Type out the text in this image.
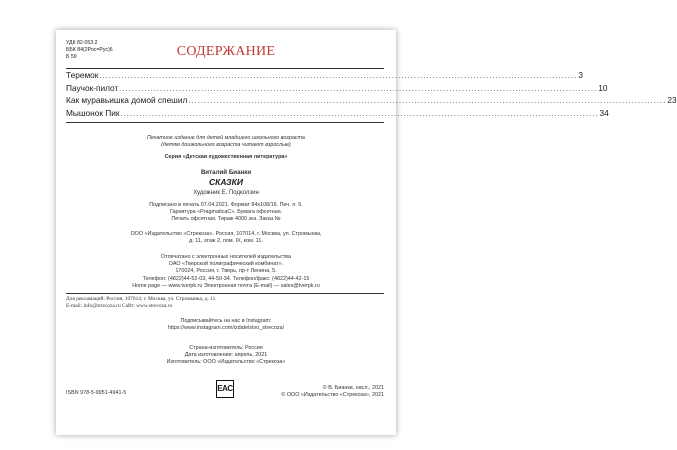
УДК 82-053.2
ББК 84(2Рос=Рус)6
Б 59	СОДЕРЖАНИЕ
Теремок ........................................................................................................................................................ 3
Паучок-пилот ........................................................................................................................................................ 10
Как муравьишка домой спешил ........................................................................................................................................................ 23
Мышонок Пик ........................................................................................................................................................ 34
Печатное издание для детей младшего школьного возраста
(детям дошкольного возраста читают взрослые)
Серия «Детская художественная литература»
Виталий Бианки
СКАЗКИ
Художник Е. Подколзин
Подписано в печать 07.04.2021. Формат 84х108/16. Печ. л. 5.
Гарнитура «PragmaticaC». Бумага офсетная.
Печать офсетная. Тираж 4000 экз. Заказ №
ООО «Издательство «Стрекоза». Россия, 107014, г. Москва, ул. Стромынка,
д. 11, этаж 2, пом. IX, ком. 11.
Отпечатано с электронных носителей издательства
ОАО «Тверской полиграфический комбинат».
170024, Россия, г. Тверь, пр-т Ленина, 5.
Телефон: (4822)44-52-03, 44-50-34. Телефон/факс: (4822)44-42-15
Home page — www.tverpk.ru Электронная почта (E-mail) — sales@tverpk.ru
Для рекламаций: Россия, 107014, г. Москва, ул. Стромынка, д. 11.
E-mail: info@strecoza.ru Сайт: www.strecoza.ru
Подписывайтесь на нас в Instagram:
https://www.instagram.com/izdatelstvo_strecoza/
Страна-изготовитель: Россия
Дата изготовления: апрель, 2021
Изготовитель: ООО «Издательство «Стрекоза»
ISBN 978-5-9951-4941-5	EAC	© В. Бианки, насл., 2021
© ООО «Издательство «Стрекоза», 2021
